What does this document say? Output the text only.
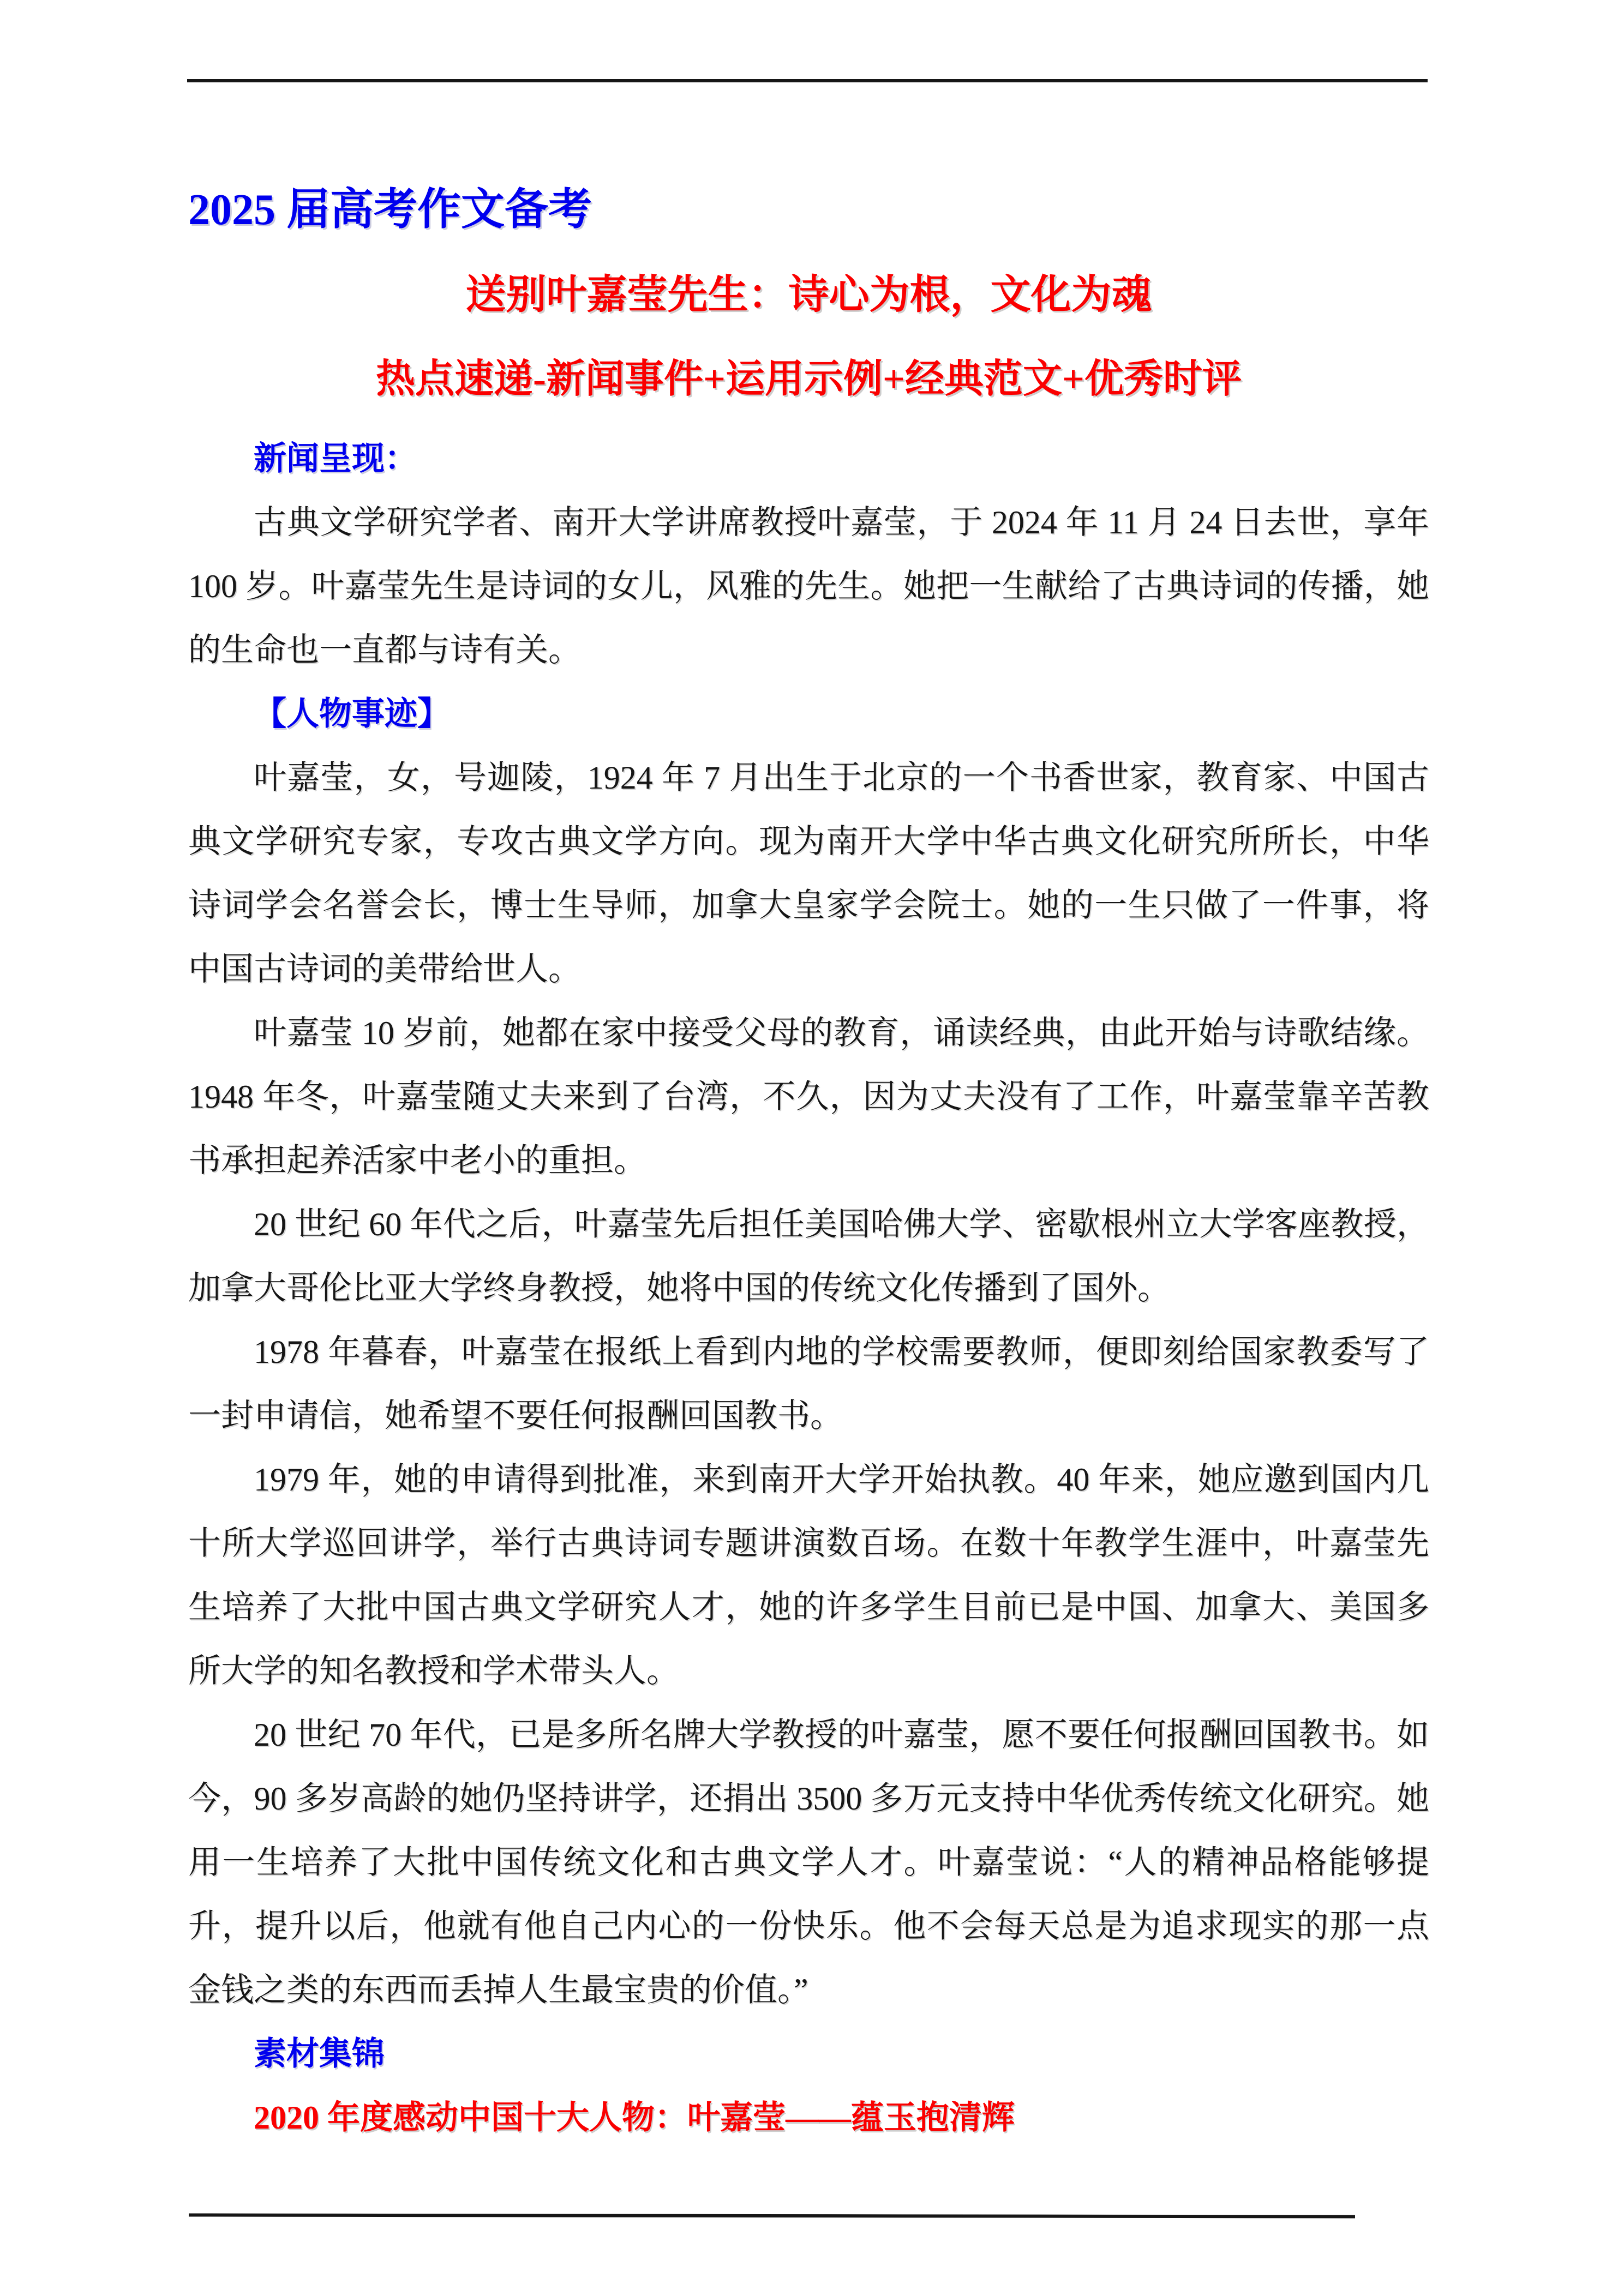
2025 届高考作文备考
送别叶嘉莹先生：诗心为根，文化为魂
热点速递-新闻事件+运用示例+经典范文+优秀时评
新闻呈现：

古典文学研究学者、南开大学讲席教授叶嘉莹，于 2024 年 11 月 24 日去世，享年 100 岁。叶嘉莹先生是诗词的女儿，风雅的先生。她把一生献给了古典诗词的传播，她的生命也一直都与诗有关。

【人物事迹】

叶嘉莹，女，号迦陵，1924 年 7 月出生于北京的一个书香世家，教育家、中国古典文学研究专家，专攻古典文学方向。现为南开大学中华古典文化研究所所长，中华诗词学会名誉会长，博士生导师，加拿大皇家学会院士。她的一生只做了一件事，将中国古诗词的美带给世人。

叶嘉莹 10 岁前，她都在家中接受父母的教育，诵读经典，由此开始与诗歌结缘。1948 年冬，叶嘉莹随丈夫来到了台湾，不久，因为丈夫没有了工作，叶嘉莹靠辛苦教书承担起养活家中老小的重担。

20 世纪 60 年代之后，叶嘉莹先后担任美国哈佛大学、密歇根州立大学客座教授，加拿大哥伦比亚大学终身教授，她将中国的传统文化传播到了国外。

1978 年暮春，叶嘉莹在报纸上看到内地的学校需要教师，便即刻给国家教委写了一封申请信，她希望不要任何报酬回国教书。

1979 年，她的申请得到批准，来到南开大学开始执教。40 年来，她应邀到国内几十所大学巡回讲学，举行古典诗词专题讲演数百场。在数十年教学生涯中，叶嘉莹先生培养了大批中国古典文学研究人才，她的许多学生目前已是中国、加拿大、美国多所大学的知名教授和学术带头人。

20 世纪 70 年代，已是多所名牌大学教授的叶嘉莹，愿不要任何报酬回国教书。如今，90 多岁高龄的她仍坚持讲学，还捐出 3500 多万元支持中华优秀传统文化研究。她用一生培养了大批中国传统文化和古典文学人才。叶嘉莹说：“人的精神品格能够提升，提升以后，他就有他自己内心的一份快乐。他不会每天总是为追求现实的那一点金钱之类的东西而丢掉人生最宝贵的价值。”

素材集锦
2020 年度感动中国十大人物：叶嘉莹——蕴玉抱清辉
